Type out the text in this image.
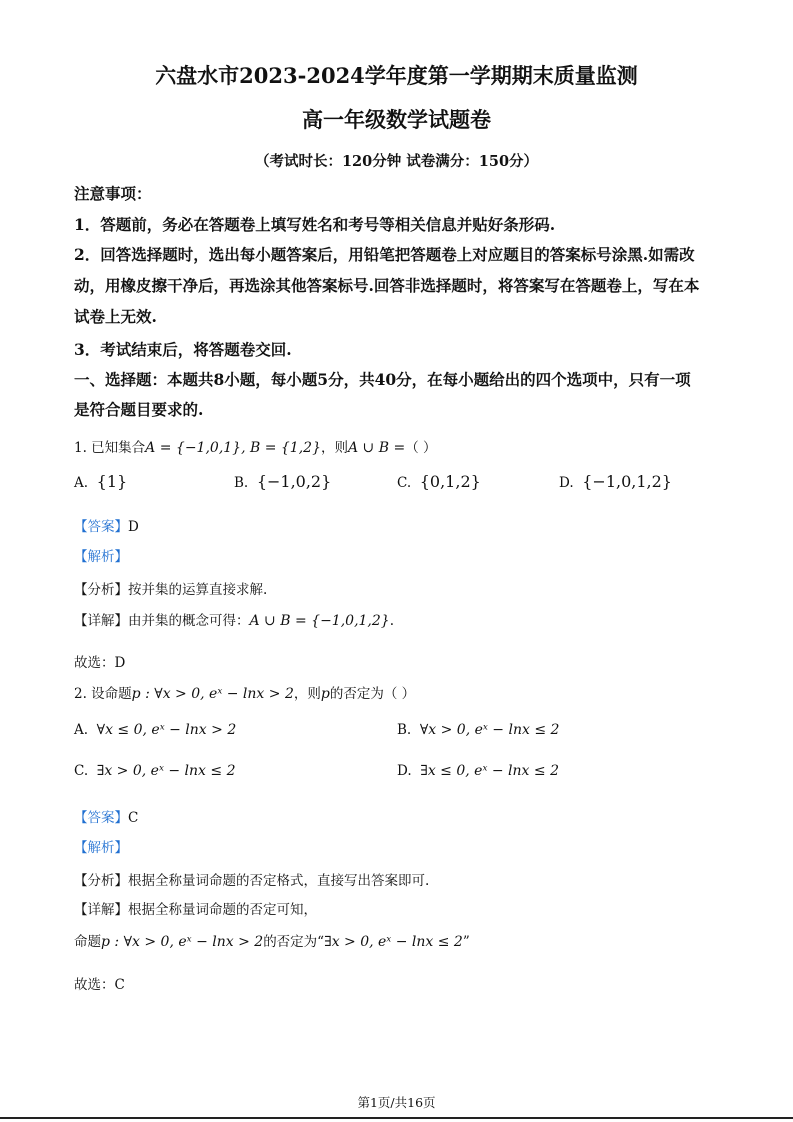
六盘水市2023-2024学年度第一学期期末质量监测
高一年级数学试题卷
（考试时长：120分钟 试卷满分：150分）
注意事项：
1．答题前，务必在答题卷上填写姓名和考号等相关信息并贴好条形码.
2．回答选择题时，选出每小题答案后，用铅笔把答题卷上对应题目的答案标号涂黑.如需改
动，用橡皮擦干净后，再选涂其他答案标号.回答非选择题时，将答案写在答题卷上，写在本
试卷上无效.
3．考试结束后，将答题卷交回.
一、选择题：本题共8小题，每小题5分，共40分，在每小题给出的四个选项中，只有一项
是符合题目要求的.
1. 已知集合A = {−1,0,1}, B = {1,2}，则A ∪ B =（ ）
A. {1}	B. {−1,0,2}	C. {0,1,2}	D. {−1,0,1,2}
【答案】D
【解析】
【分析】按并集的运算直接求解.
【详解】由并集的概念可得：A ∪ B = {−1,0,1,2}.
故选：D
2. 设命题p : ∀x > 0, eˣ − lnx > 2，则p的否定为（ ）
A. ∀x ≤ 0, eˣ − lnx > 2	B. ∀x > 0, eˣ − lnx ≤ 2
C. ∃x > 0, eˣ − lnx ≤ 2	D. ∃x ≤ 0, eˣ − lnx ≤ 2
【答案】C
【解析】
【分析】根据全称量词命题的否定格式，直接写出答案即可.
【详解】根据全称量词命题的否定可知，
命题p : ∀x > 0, eˣ − lnx > 2的否定为“∃x > 0, eˣ − lnx ≤ 2”
故选：C
第1页/共16页
